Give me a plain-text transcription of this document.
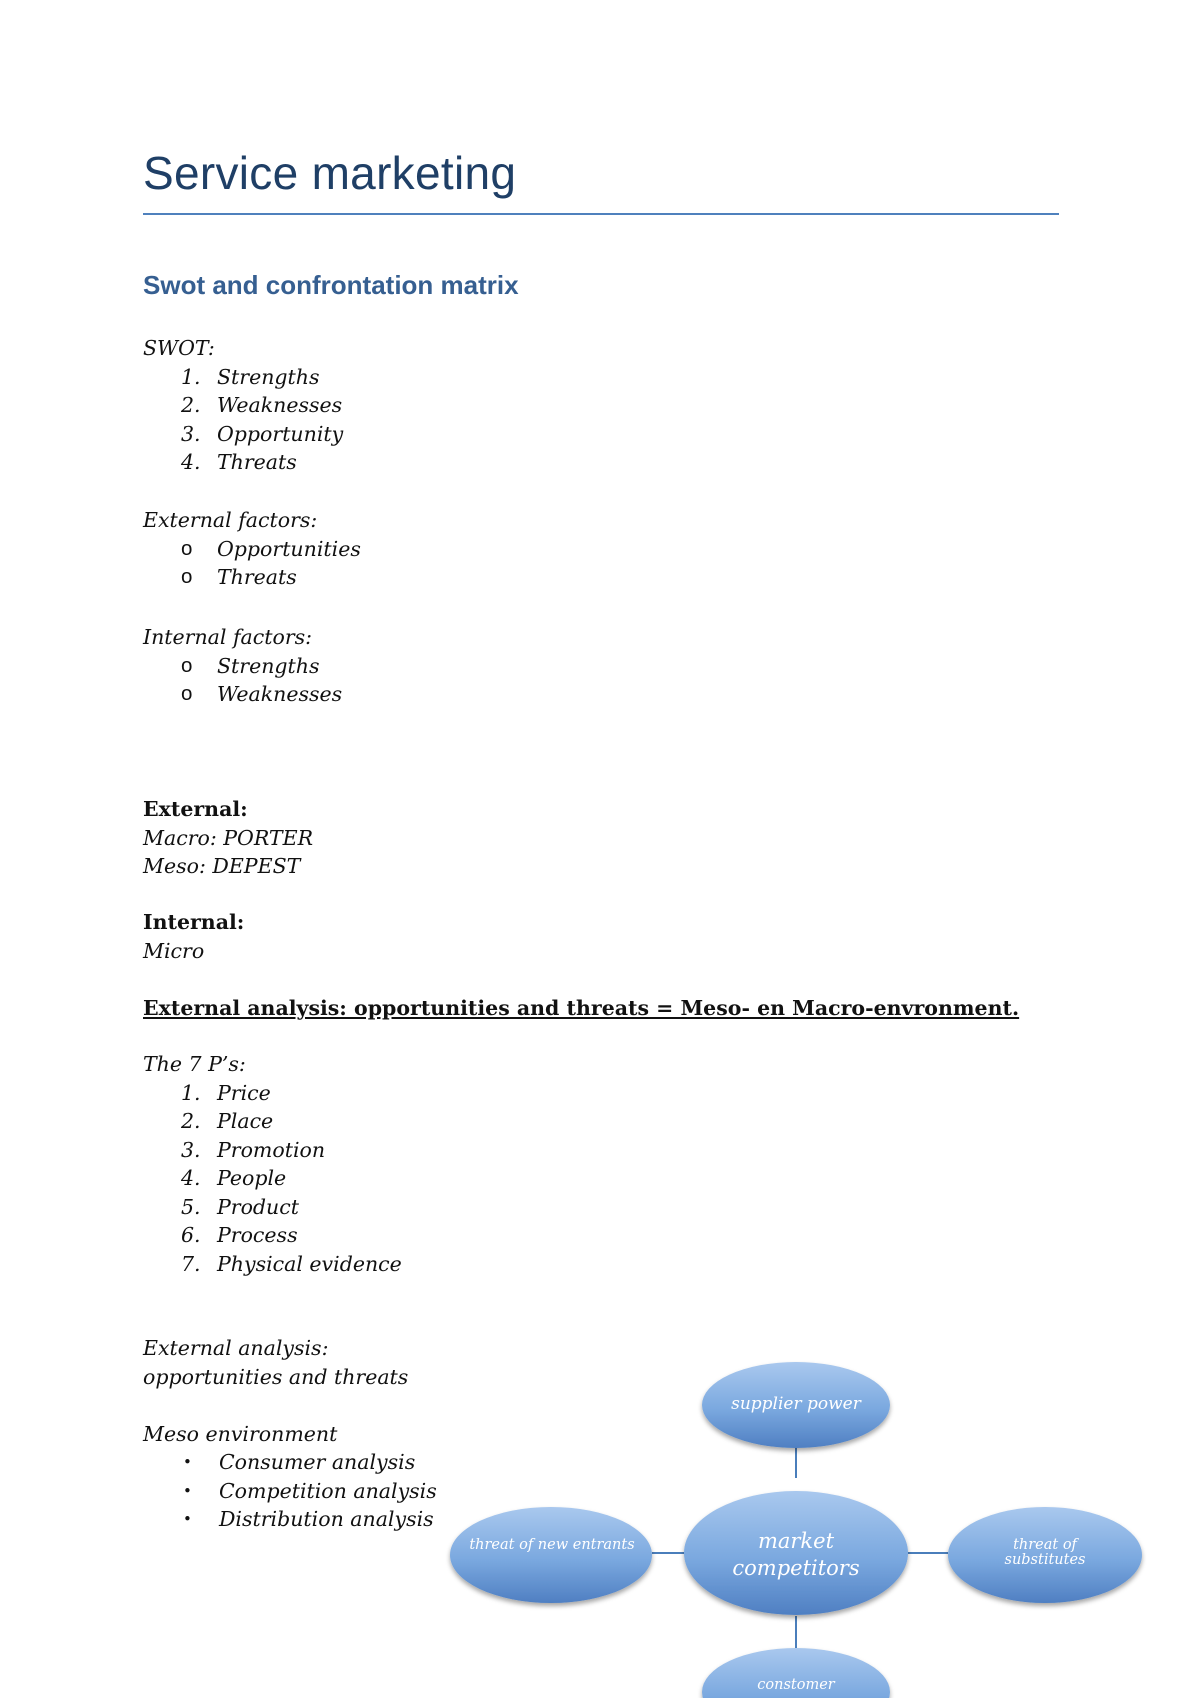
Service marketing
Swot and confrontation matrix
SWOT:
1. Strengths
2. Weaknesses
3. Opportunity
4. Threats
External factors:
o	Opportunities
o	Threats
Internal factors:
o	Strengths
o	Weaknesses
External:
Macro: PORTER
Meso: DEPEST
Internal:
Micro
External analysis: opportunities and threats = Meso- en Macro-envronment.
The 7 P’s:
1. Price
2. Place
3. Promotion
4. People
5. Product
6. Process
7. Physical evidence
External analysis:
opportunities and threats
Meso environment
•	Consumer analysis
•	Competition analysis
•	Distribution analysis
supplier power
threat of new entrants	market competitors
threat of substitutes
constomer
